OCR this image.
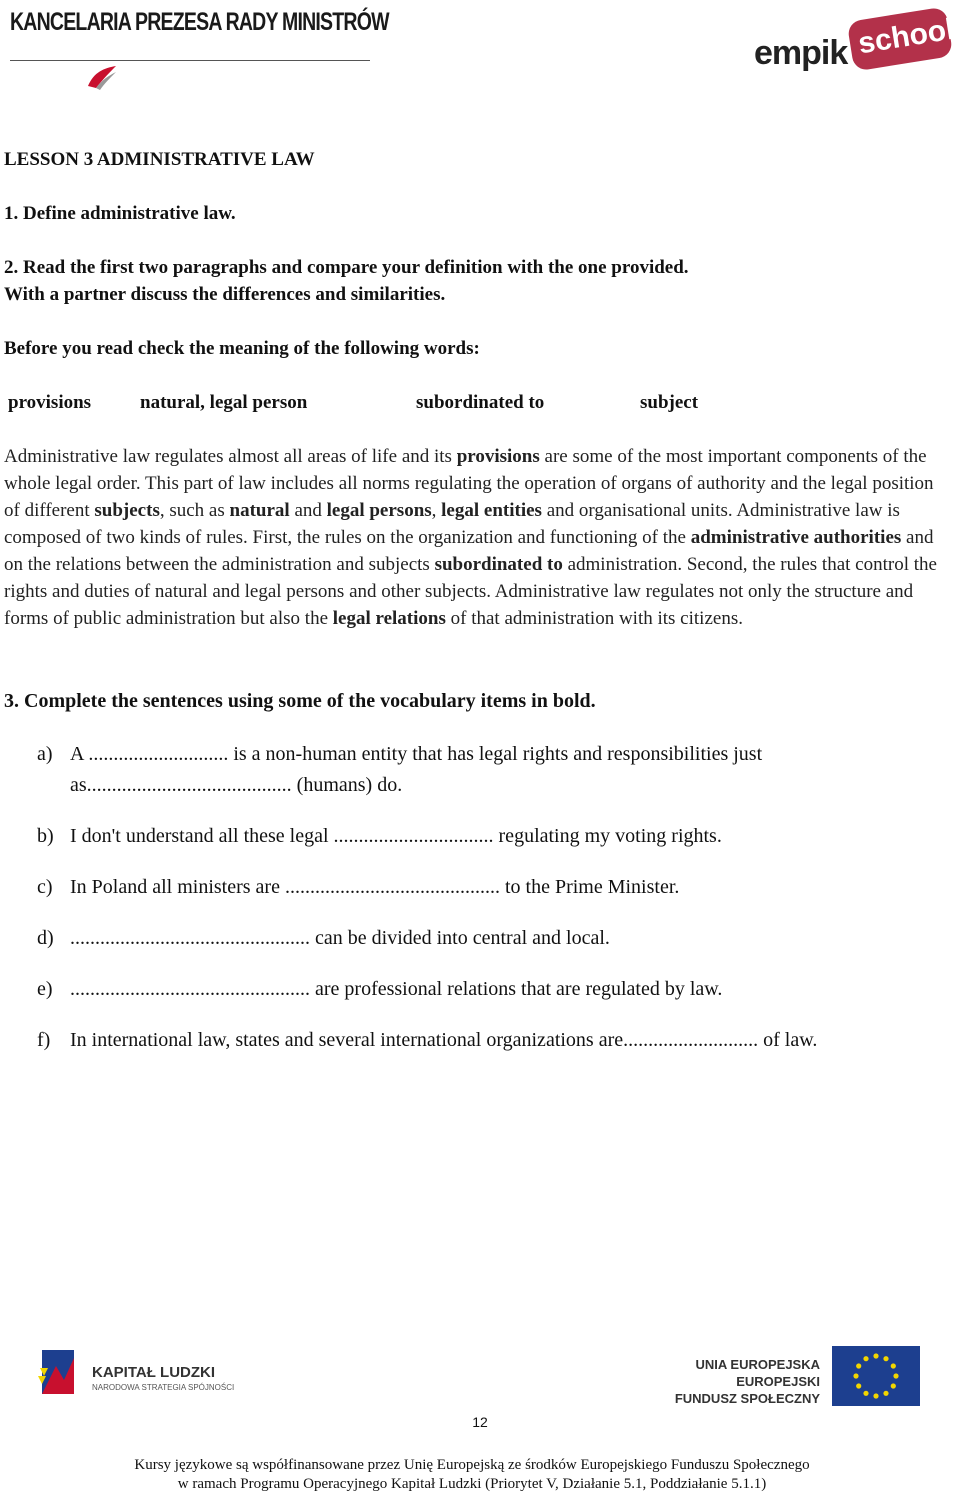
KANCELARIA PREZESA RADY MINISTRÓW
empik school

LESSON 3 ADMINISTRATIVE LAW

1. Define administrative law.

2. Read the first two paragraphs and compare your definition with the one provided.

With a partner discuss the differences and similarities.

Before you read check the meaning of the following words:

provisions	natural, legal person	subordinated to	subject

Administrative law regulates almost all areas of life and its provisions are some of the most important components of the whole legal order. This part of law includes all norms regulating the operation of organs of authority and the legal position of different subjects, such as natural and legal persons, legal entities and organisational units. Administrative law is composed of two kinds of rules. First, the rules on the organization and functioning of the administrative authorities and on the relations between the administration and subjects subordinated to administration. Second, the rules that control the rights and duties of natural and legal persons and other subjects. Administrative law regulates not only the structure and forms of public administration but also the legal relations of that administration with its citizens.

3. Complete the sentences using some of the vocabulary items in bold.

a) A ............................ is a non-human entity that has legal rights and responsibilities just as......................................... (humans) do.
b) I don't understand all these legal ................................ regulating my voting rights.
c) In Poland all ministers are ........................................... to the Prime Minister.
d) ................................................ can be divided into central and local.
e) ................................................ are professional relations that are regulated by law.
f) In international law, states and several international organizations are........................... of law.
KAPITAŁ LUDZKI
NARODOWA STRATEGIA SPÓJNOŚCI
UNIA EUROPEJSKA
EUROPEJSKI
FUNDUSZ SPOŁECZNY
12
Kursy językowe są współfinansowane przez Unię Europejską ze środków Europejskiego Funduszu Społecznego
w ramach Programu Operacyjnego Kapitał Ludzki (Priorytet V, Działanie 5.1, Poddziałanie 5.1.1)
